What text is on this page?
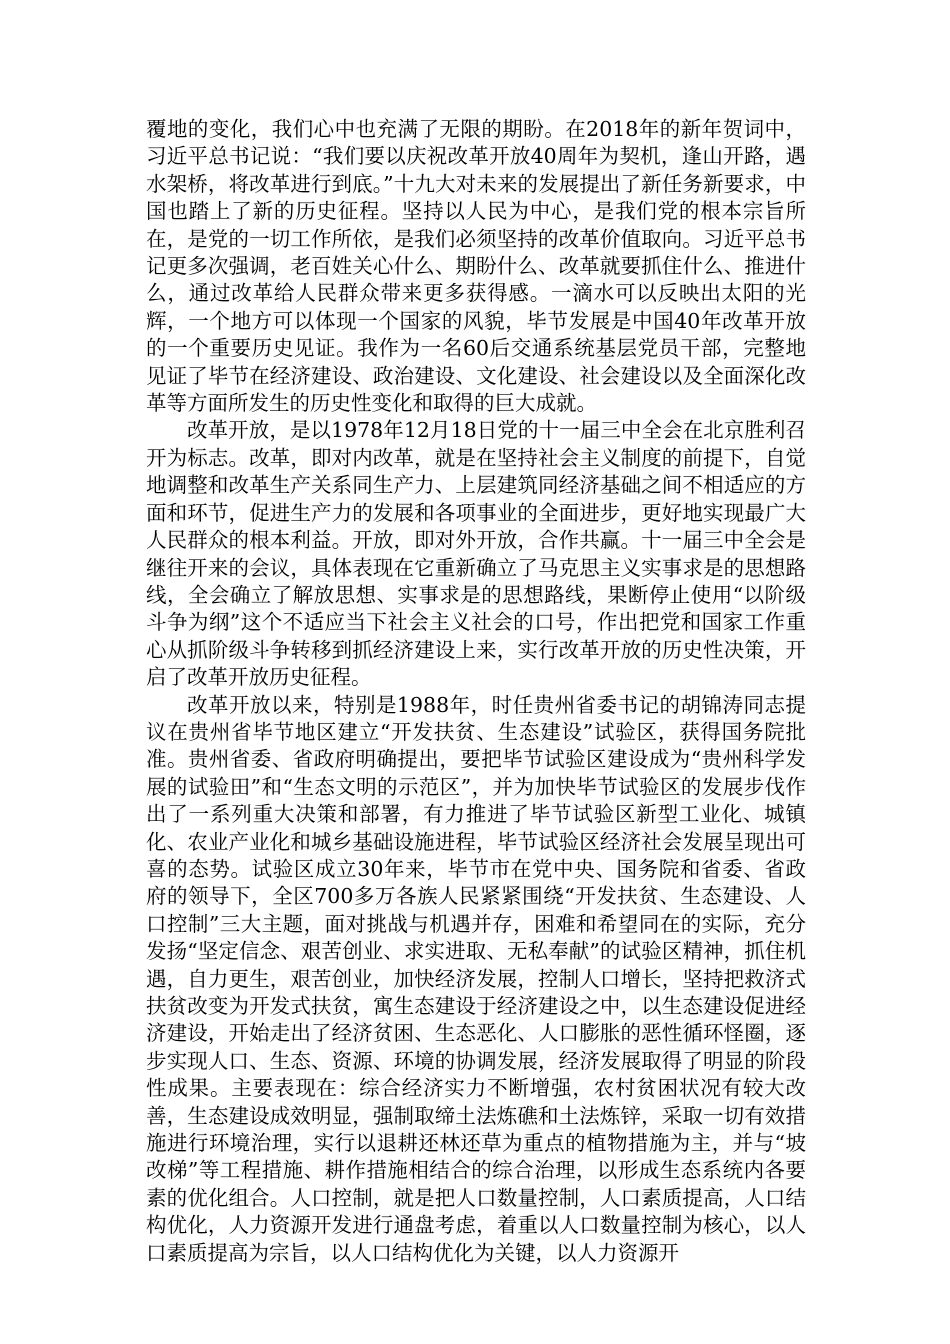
覆地的变化，我们心中也充满了无限的期盼。在2018年的新年贺词中，习近平总书记说：“我们要以庆祝改革开放40周年为契机，逢山开路，遇水架桥，将改革进行到底。”十九大对未来的发展提出了新任务新要求，中国也踏上了新的历史征程。坚持以人民为中心，是我们党的根本宗旨所在，是党的一切工作所依，是我们必须坚持的改革价值取向。习近平总书记更多次强调，老百姓关心什么、期盼什么、改革就要抓住什么、推进什么，通过改革给人民群众带来更多获得感。一滴水可以反映出太阳的光辉，一个地方可以体现一个国家的风貌，毕节发展是中国40年改革开放的一个重要历史见证。我作为一名60后交通系统基层党员干部，完整地见证了毕节在经济建设、政治建设、文化建设、社会建设以及全面深化改革等方面所发生的历史性变化和取得的巨大成就。

改革开放，是以1978年12月18日党的十一届三中全会在北京胜利召开为标志。改革，即对内改革，就是在坚持社会主义制度的前提下，自觉地调整和改革生产关系同生产力、上层建筑同经济基础之间不相适应的方面和环节，促进生产力的发展和各项事业的全面进步，更好地实现最广大人民群众的根本利益。开放，即对外开放，合作共赢。十一届三中全会是继往开来的会议，具体表现在它重新确立了马克思主义实事求是的思想路线，全会确立了解放思想、实事求是的思想路线，果断停止使用“以阶级斗争为纲”这个不适应当下社会主义社会的口号，作出把党和国家工作重心从抓阶级斗争转移到抓经济建设上来，实行改革开放的历史性决策，开启了改革开放历史征程。

改革开放以来，特别是1988年，时任贵州省委书记的胡锦涛同志提议在贵州省毕节地区建立“开发扶贫、生态建设”试验区，获得国务院批准。贵州省委、省政府明确提出，要把毕节试验区建设成为“贵州科学发展的试验田”和“生态文明的示范区”，并为加快毕节试验区的发展步伐作出了一系列重大决策和部署，有力推进了毕节试验区新型工业化、城镇化、农业产业化和城乡基础设施进程，毕节试验区经济社会发展呈现出可喜的态势。试验区成立30年来，毕节市在党中央、国务院和省委、省政府的领导下，全区700多万各族人民紧紧围绕“开发扶贫、生态建设、人口控制”三大主题，面对挑战与机遇并存，困难和希望同在的实际，充分发扬“坚定信念、艰苦创业、求实进取、无私奉献”的试验区精神，抓住机遇，自力更生，艰苦创业，加快经济发展，控制人口增长，坚持把救济式扶贫改变为开发式扶贫，寓生态建设于经济建设之中，以生态建设促进经济建设，开始走出了经济贫困、生态恶化、人口膨胀的恶性循环怪圈，逐步实现人口、生态、资源、环境的协调发展，经济发展取得了明显的阶段性成果。主要表现在：综合经济实力不断增强，农村贫困状况有较大改善，生态建设成效明显，强制取缔土法炼礁和土法炼锌，采取一切有效措施进行环境治理，实行以退耕还林还草为重点的植物措施为主，并与“坡改梯”等工程措施、耕作措施相结合的综合治理，以形成生态系统内各要素的优化组合。人口控制，就是把人口数量控制，人口素质提高，人口结构优化，人力资源开发进行通盘考虑，着重以人口数量控制为核心，以人口素质提高为宗旨，以人口结构优化为关键，以人力资源开
